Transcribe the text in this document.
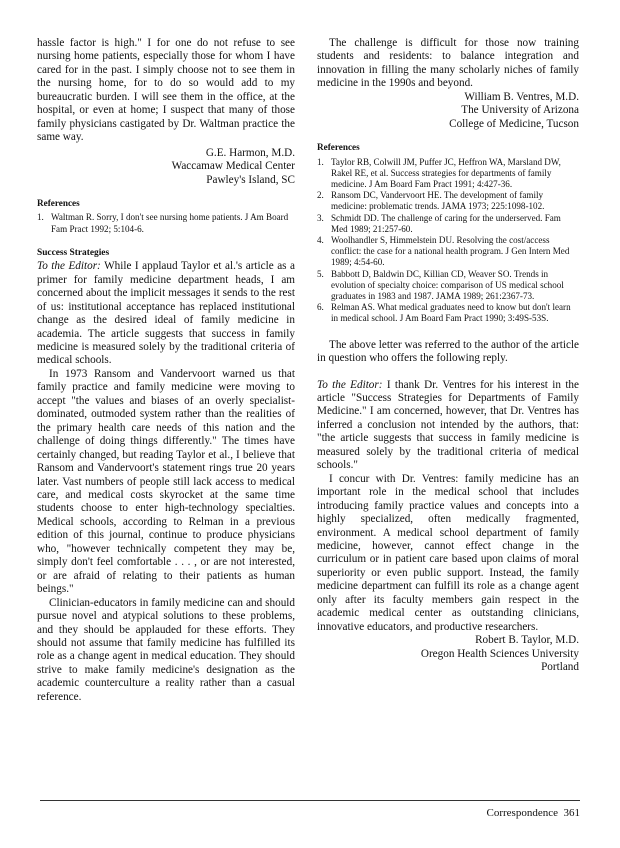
hassle factor is high." I for one do not refuse to see nursing home patients, especially those for whom I have cared for in the past. I simply choose not to see them in the nursing home, for to do so would add to my bureaucratic burden. I will see them in the office, at the hospital, or even at home; I suspect that many of those family physicians castigated by Dr. Waltman practice the same way.

G.E. Harmon, M.D.
Waccamaw Medical Center
Pawley's Island, SC
References
1. Waltman R. Sorry, I don't see nursing home patients. J Am Board Fam Pract 1992; 5:104-6.
Success Strategies

To the Editor: While I applaud Taylor et al.'s article as a primer for family medicine department heads, I am concerned about the implicit messages it sends to the rest of us: institutional acceptance has replaced institutional change as the desired ideal of family medicine in academia. The article suggests that success in family medicine is measured solely by the traditional criteria of medical schools.

In 1973 Ransom and Vandervoort warned us that family practice and family medicine were moving to accept "the values and biases of an overly specialist-dominated, outmoded system rather than the realities of the primary health care needs of this nation and the challenge of doing things differently." The times have certainly changed, but reading Taylor et al., I believe that Ransom and Vandervoort's statement rings true 20 years later. Vast numbers of people still lack access to medical care, and medical costs skyrocket at the same time students choose to enter high-technology specialties. Medical schools, according to Relman in a previous edition of this journal, continue to produce physicians who, "however technically competent they may be, simply don't feel comfortable . . . , or are not interested, or are afraid of relating to their patients as human beings."

Clinician-educators in family medicine can and should pursue novel and atypical solutions to these problems, and they should be applauded for these efforts. They should not assume that family medicine has fulfilled its role as a change agent in medical education. They should strive to make family medicine's designation as the academic counterculture a reality rather than a casual reference.

The challenge is difficult for those now training students and residents: to balance integration and innovation in filling the many scholarly niches of family medicine in the 1990s and beyond.

William B. Ventres, M.D.
The University of Arizona
College of Medicine, Tucson
References
1. Taylor RB, Colwill JM, Puffer JC, Heffron WA, Marsland DW, Rakel RE, et al. Success strategies for departments of family medicine. J Am Board Fam Pract 1991; 4:427-36.
2. Ransom DC, Vandervoort HE. The development of family medicine: problematic trends. JAMA 1973; 225:1098-102.
3. Schmidt DD. The challenge of caring for the underserved. Fam Med 1989; 21:257-60.
4. Woolhandler S, Himmelstein DU. Resolving the cost/access conflict: the case for a national health program. J Gen Intern Med 1989; 4:54-60.
5. Babbott D, Baldwin DC, Killian CD, Weaver SO. Trends in evolution of specialty choice: comparison of US medical school graduates in 1983 and 1987. JAMA 1989; 261:2367-73.
6. Relman AS. What medical graduates need to know but don't learn in medical school. J Am Board Fam Pract 1990; 3:49S-53S.

The above letter was referred to the author of the article in question who offers the following reply.

To the Editor: I thank Dr. Ventres for his interest in the article "Success Strategies for Departments of Family Medicine." I am concerned, however, that Dr. Ventres has inferred a conclusion not intended by the authors, that: "the article suggests that success in family medicine is measured solely by the traditional criteria of medical schools."

I concur with Dr. Ventres: family medicine has an important role in the medical school that includes introducing family practice values and concepts into a highly specialized, often medically fragmented, environment. A medical school department of family medicine, however, cannot effect change in the curriculum or in patient care based upon claims of moral superiority or even public support. Instead, the family medicine department can fulfill its role as a change agent only after its faculty members gain respect in the academic medical center as outstanding clinicians, innovative educators, and productive researchers.

Robert B. Taylor, M.D.
Oregon Health Sciences University
Portland
Correspondence 361
